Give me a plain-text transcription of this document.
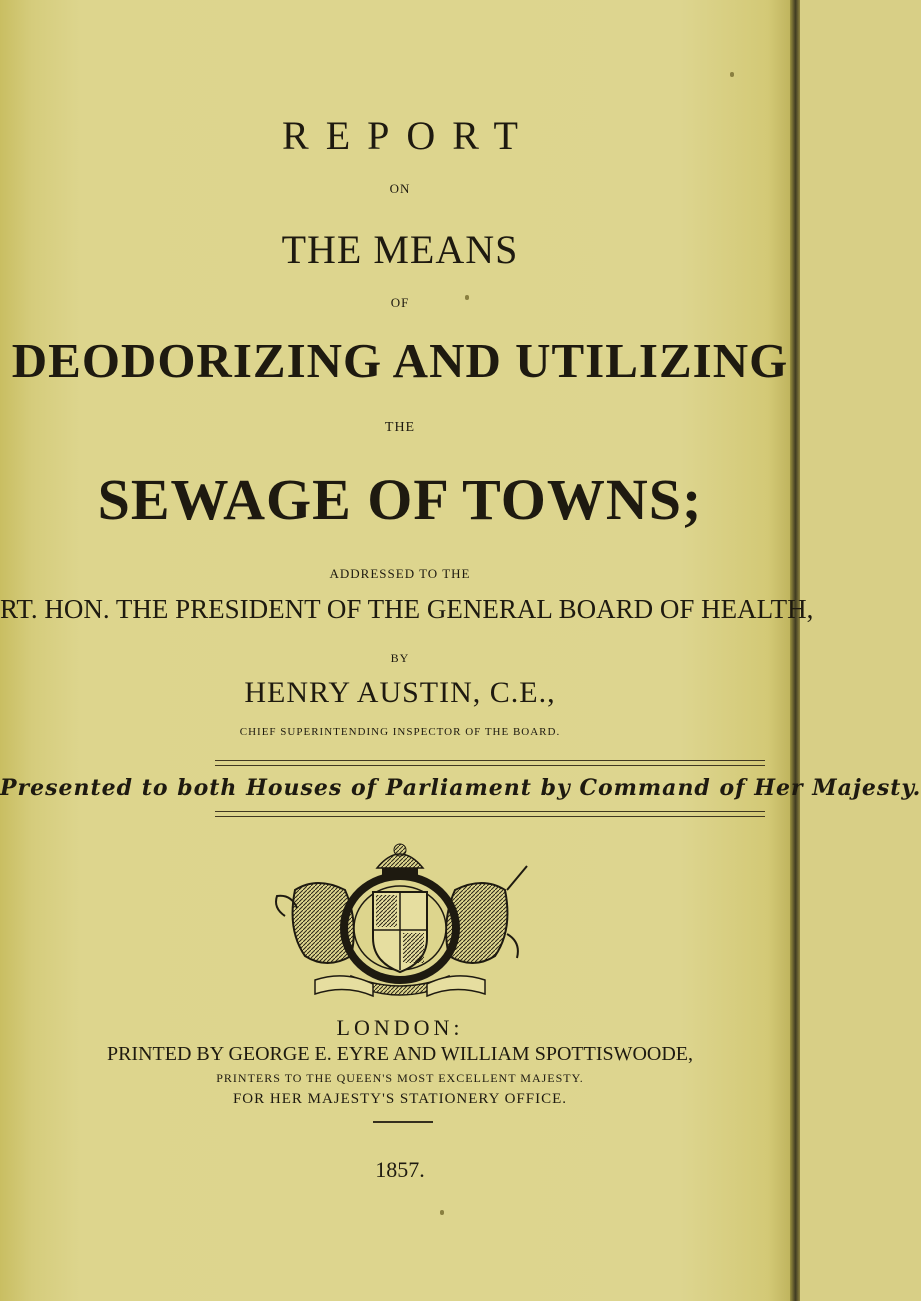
REPORT
ON
THE MEANS
OF
DEODORIZING AND UTILIZING
THE
SEWAGE OF TOWNS;
ADDRESSED TO THE
RT. HON. THE PRESIDENT OF THE GENERAL BOARD OF HEALTH,
BY
HENRY AUSTIN, C.E.,
CHIEF SUPERINTENDING INSPECTOR OF THE BOARD.
Presented to both Houses of Parliament by Command of Her Majesty.
LONDON:
PRINTED BY GEORGE E. EYRE AND WILLIAM SPOTTISWOODE,
PRINTERS TO THE QUEEN'S MOST EXCELLENT MAJESTY.
FOR HER MAJESTY'S STATIONERY OFFICE.
1857.
